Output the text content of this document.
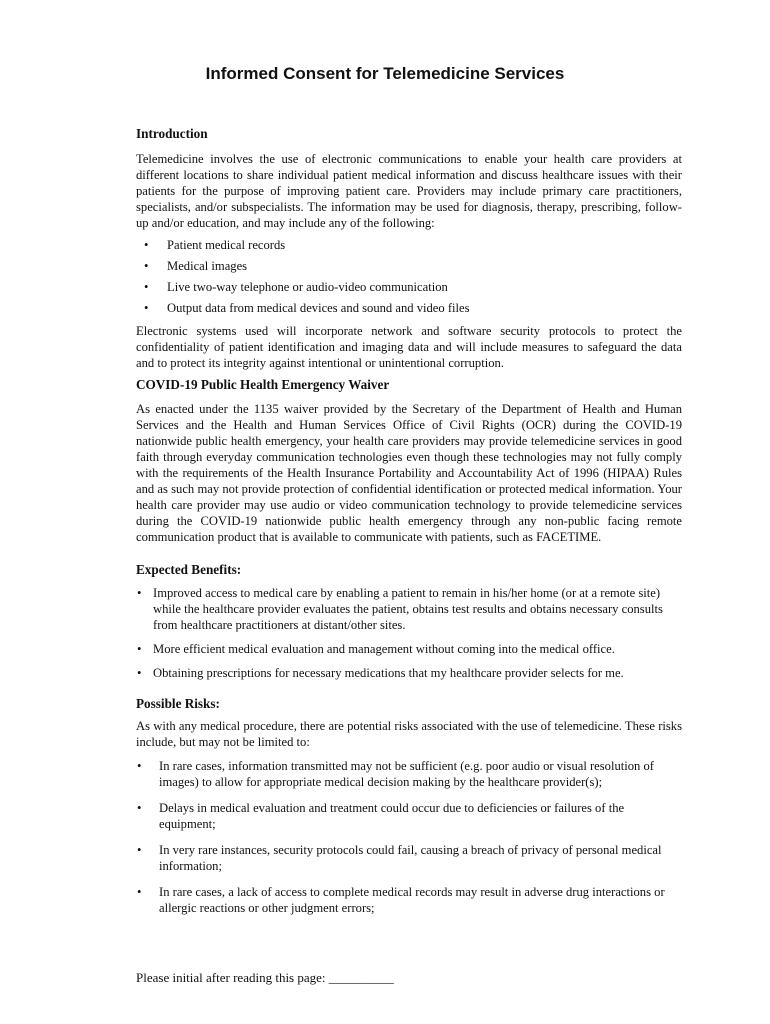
Informed Consent for Telemedicine Services
Introduction

Telemedicine involves the use of electronic communications to enable your health care providers at different locations to share individual patient medical information and discuss healthcare issues with their patients for the purpose of improving patient care. Providers may include primary care practitioners, specialists, and/or subspecialists. The information may be used for diagnosis, therapy, prescribing, follow-up and/or education, and may include any of the following:

• Patient medical records
• Medical images
• Live two-way telephone or audio-video communication
• Output data from medical devices and sound and video files

Electronic systems used will incorporate network and software security protocols to protect the confidentiality of patient identification and imaging data and will include measures to safeguard the data and to protect its integrity against intentional or unintentional corruption.

COVID-19 Public Health Emergency Waiver

As enacted under the 1135 waiver provided by the Secretary of the Department of Health and Human Services and the Health and Human Services Office of Civil Rights (OCR) during the COVID-19 nationwide public health emergency, your health care providers may provide telemedicine services in good faith through everyday communication technologies even though these technologies may not fully comply with the requirements of the Health Insurance Portability and Accountability Act of 1996 (HIPAA) Rules and as such may not provide protection of confidential identification or protected medical information. Your health care provider may use audio or video communication technology to provide telemedicine services during the COVID-19 nationwide public health emergency through any non-public facing remote communication product that is available to communicate with patients, such as FACETIME.

Expected Benefits:
• Improved access to medical care by enabling a patient to remain in his/her home (or at a remote site) while the healthcare provider evaluates the patient, obtains test results and obtains necessary consults from healthcare practitioners at distant/other sites.
• More efficient medical evaluation and management without coming into the medical office.
• Obtaining prescriptions for necessary medications that my healthcare provider selects for me.
Possible Risks:

As with any medical procedure, there are potential risks associated with the use of telemedicine. These risks include, but may not be limited to:

• In rare cases, information transmitted may not be sufficient (e.g. poor audio or visual resolution of images) to allow for appropriate medical decision making by the healthcare provider(s);
• Delays in medical evaluation and treatment could occur due to deficiencies or failures of the equipment;
• In very rare instances, security protocols could fail, causing a breach of privacy of personal medical information;
• In rare cases, a lack of access to complete medical records may result in adverse drug interactions or allergic reactions or other judgment errors;

Please initial after reading this page: __________
